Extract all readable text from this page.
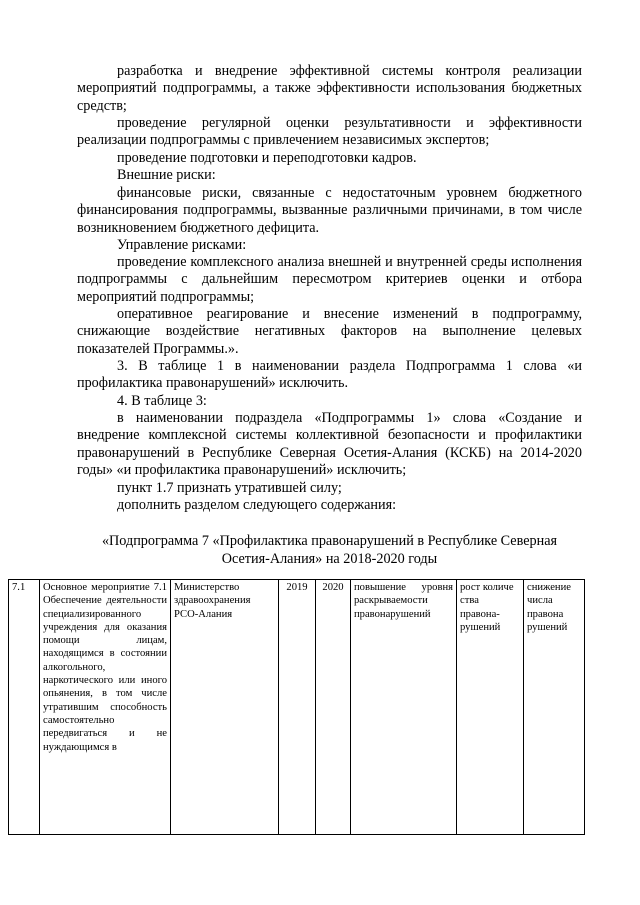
разработка и внедрение эффективной системы контроля реализации мероприятий подпрограммы, а также эффективности использования бюджетных средств;

проведение регулярной оценки результативности и эффективности реализации подпрограммы с привлечением независимых экспертов;

проведение подготовки и переподготовки кадров.

Внешние риски:

финансовые риски, связанные с недостаточным уровнем бюджетного финансирования подпрограммы, вызванные различными причинами, в том числе возникновением бюджетного дефицита.

Управление рисками:

проведение комплексного анализа внешней и внутренней среды исполнения подпрограммы с дальнейшим пересмотром критериев оценки и отбора мероприятий подпрограммы;

оперативное реагирование и внесение изменений в подпрограмму, снижающие воздействие негативных факторов на выполнение целевых показателей Программы.».

3. В таблице 1 в наименовании раздела Подпрограмма 1 слова «и профилактика правонарушений» исключить.

4. В таблице 3:

в наименовании подраздела «Подпрограммы 1» слова «Создание и внедрение комплексной системы коллективной безопасности и профилактики правонарушений в Республике Северная Осетия-Алания (КСКБ) на 2014-2020 годы» «и профилактика правонарушений» исключить;

пункт 1.7 признать утратившей силу;

дополнить разделом следующего содержания:

«Подпрограмма 7 «Профилактика правонарушений в Республике Северная Осетия-Алания» на 2018-2020 годы

7.1	Основное мероприятие 7.1 Обеспечение деятельности специализированного учреждения для оказания помощи лицам, находящимся в состоянии алкогольного, наркотического или иного опьянения, в том числе утратившим способность самостоятельно передвигаться и не нуждающимся в	Министерство здравоохранения РСО-Алания	2019	2020	повышение уровня раскрываемости правонарушений	рост количе ства правона-рушений	снижение числа правона рушений
